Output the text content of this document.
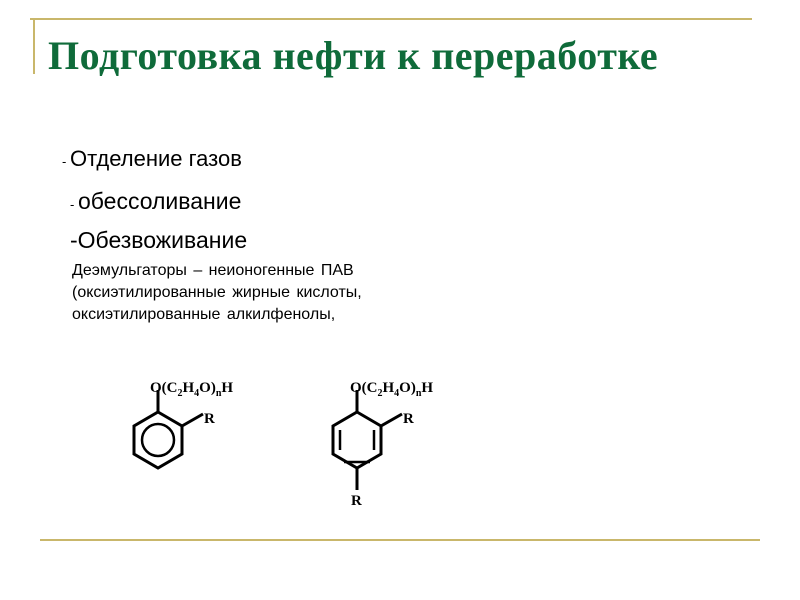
Подготовка нефти к переработке
- Отделение газов
- обессоливание
-Обезвоживание
Деэмульгаторы – неионогенные ПАВ
(оксиэтилированные жирные кислоты,
оксиэтилированные алкилфенолы,
$O(C_2H_4O)_nH$
R
$O(C_2H_4O)_nH$
R
R
